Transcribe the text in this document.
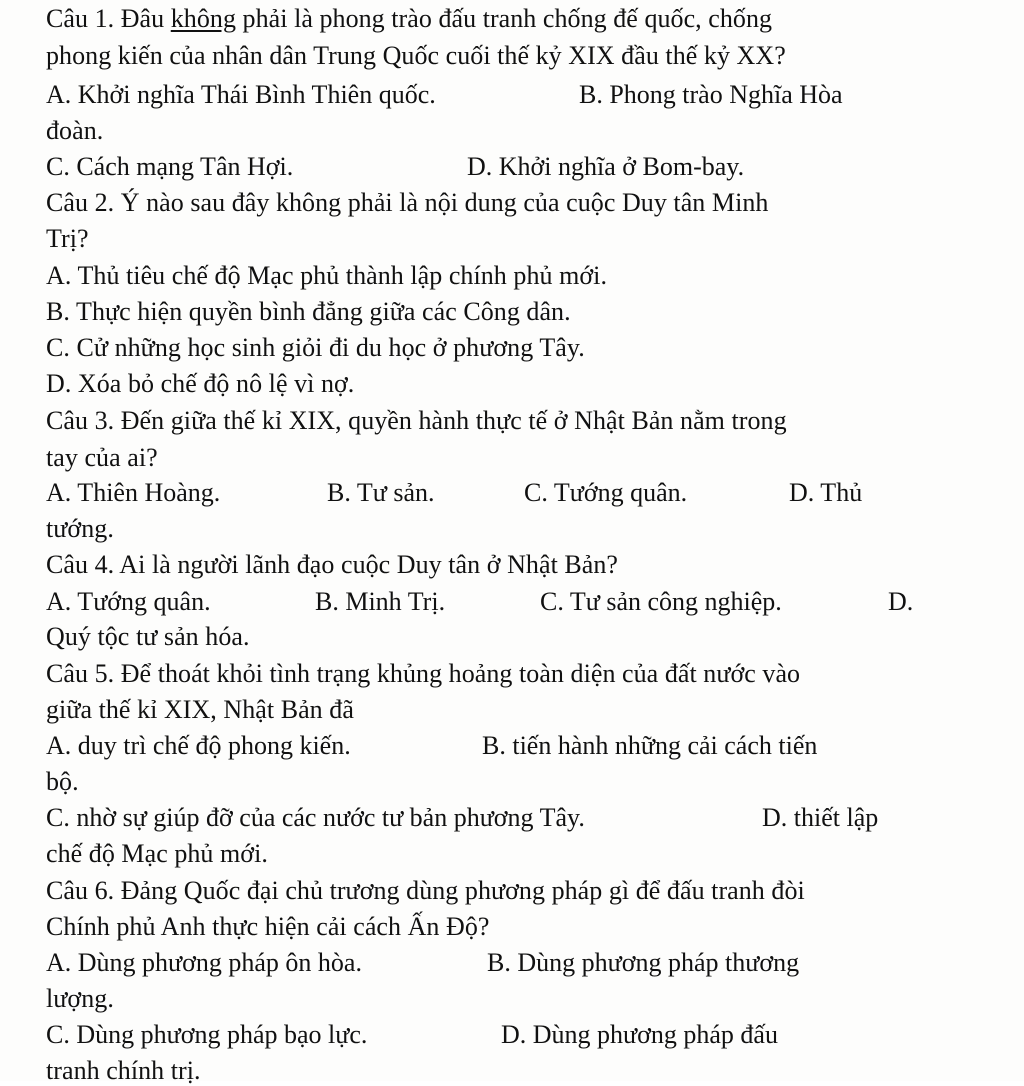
Câu 1. Đâu không phải là phong trào đấu tranh chống đế quốc, chống
phong kiến của nhân dân Trung Quốc cuối thế kỷ XIX đầu thế kỷ XX?
A. Khởi nghĩa Thái Bình Thiên quốc.	B. Phong trào Nghĩa Hòa
đoàn.
C. Cách mạng Tân Hợi.	D. Khởi nghĩa ở Bom-bay.
Câu 2. Ý nào sau đây không phải là nội dung của cuộc Duy tân Minh
Trị?
A. Thủ tiêu chế độ Mạc phủ thành lập chính phủ mới.
B. Thực hiện quyền bình đẳng giữa các Công dân.
C. Cử những học sinh giỏi đi du học ở phương Tây.
D. Xóa bỏ chế độ nô lệ vì nợ.
Câu 3. Đến giữa thế kỉ XIX, quyền hành thực tế ở Nhật Bản nằm trong
tay của ai?
A. Thiên Hoàng.	B. Tư sản.	C. Tướng quân.	D. Thủ
tướng.
Câu 4. Ai là người lãnh đạo cuộc Duy tân ở Nhật Bản?
A. Tướng quân.	B. Minh Trị.	C. Tư sản công nghiệp.	D.
Quý tộc tư sản hóa.
Câu 5. Để thoát khỏi tình trạng khủng hoảng toàn diện của đất nước vào
giữa thế kỉ XIX, Nhật Bản đã
A. duy trì chế độ phong kiến.	B. tiến hành những cải cách tiến
bộ.
C. nhờ sự giúp đỡ của các nước tư bản phương Tây.	D. thiết lập
chế độ Mạc phủ mới.
Câu 6. Đảng Quốc đại chủ trương dùng phương pháp gì để đấu tranh đòi
Chính phủ Anh thực hiện cải cách Ấn Độ?
A. Dùng phương pháp ôn hòa.	B. Dùng phương pháp thương
lượng.
C. Dùng phương pháp bạo lực.	D. Dùng phương pháp đấu
tranh chính trị.
